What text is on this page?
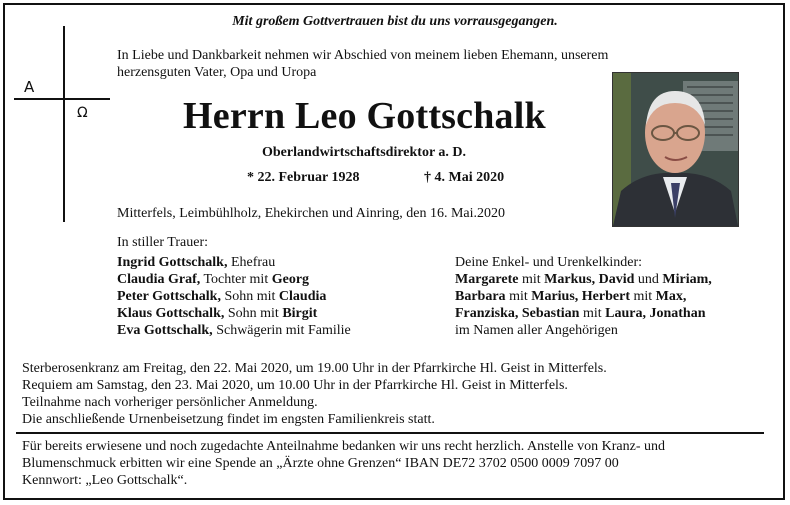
A
Ω
Mit großem Gottvertrauen bist du uns vorrausgegangen.
In Liebe und Dankbarkeit nehmen wir Abschied von meinem lieben Ehemann, unserem
herzensguten Vater, Opa und Uropa
Herrn Leo Gottschalk
Oberlandwirtschaftsdirektor a. D.
* 22. Februar 1928	† 4. Mai 2020
Mitterfels, Leimbühlholz, Ehekirchen und Ainring, den 16. Mai.2020
In stiller Trauer:
Ingrid Gottschalk, Ehefrau
Claudia Graf, Tochter mit Georg
Peter Gottschalk, Sohn mit Claudia
Klaus Gottschalk, Sohn mit Birgit
Eva Gottschalk, Schwägerin mit Familie
Deine Enkel- und Urenkelkinder:
Margarete mit Markus, David und Miriam,
Barbara mit Marius, Herbert mit Max,
Franziska, Sebastian mit Laura, Jonathan
im Namen aller Angehörigen
Sterberosenkranz am Freitag, den 22. Mai 2020, um 19.00 Uhr in der Pfarrkirche Hl. Geist in Mitterfels.
Requiem am Samstag, den 23. Mai 2020, um 10.00 Uhr in der Pfarrkirche Hl. Geist in Mitterfels.
Teilnahme nach vorheriger persönlicher Anmeldung.
Die anschließende Urnenbeisetzung findet im engsten Familienkreis statt.
Für bereits erwiesene und noch zugedachte Anteilnahme bedanken wir uns recht herzlich. Anstelle von Kranz- und
Blumenschmuck erbitten wir eine Spende an „Ärzte ohne Grenzen“ IBAN DE72 3702 0500 0009 7097 00
Kennwort: „Leo Gottschalk“.
